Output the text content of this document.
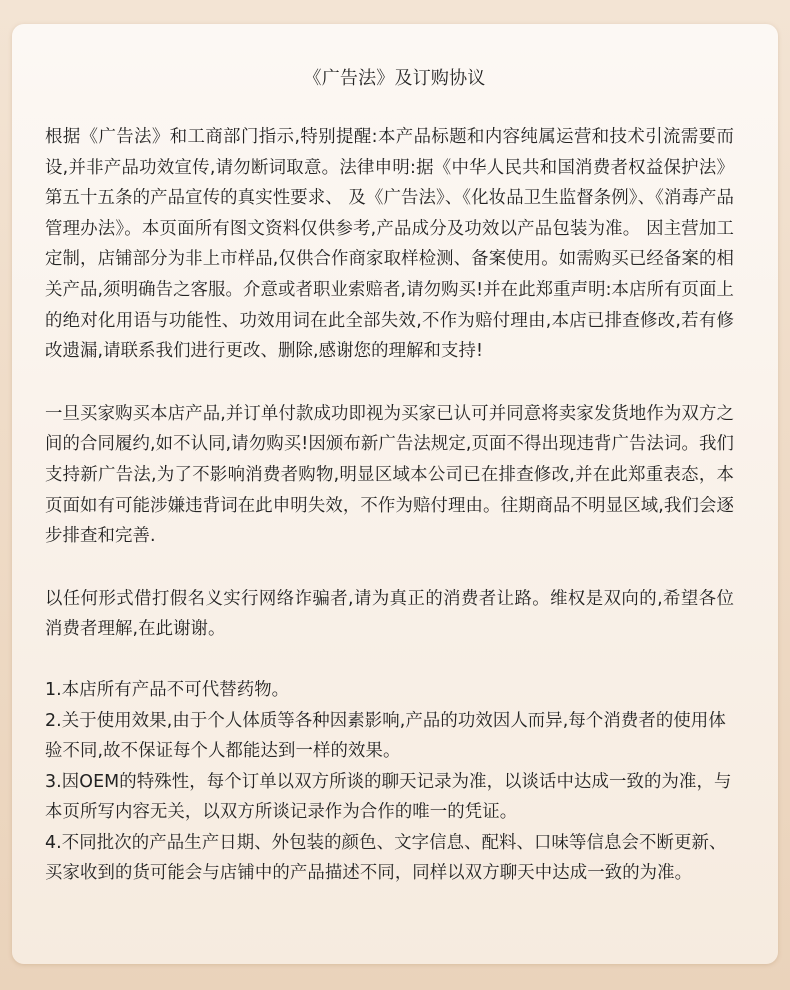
《广告法》及订购协议

根据《广告法》和工商部门指示,特别提醒:本产品标题和内容纯属运营和技术引流需要而设,并非产品功效宣传,请勿断词取意。法律申明:据《中华人民共和国消费者权益保护法》第五十五条的产品宣传的真实性要求、 及《广告法》、《化妆品卫生监督条例》、《消毒产品管理办法》。本页面所有图文资料仅供参考,产品成分及功效以产品包装为准。 因主营加工定制，店铺部分为非上市样品,仅供合作商家取样检测、备案使用。如需购买已经备案的相关产品,须明确告之客服。介意或者职业索赔者,请勿购买!并在此郑重声明:本店所有页面上的绝对化用语与功能性、功效用词在此全部失效,不作为赔付理由,本店已排查修改,若有修改遗漏,请联系我们进行更改、删除,感谢您的理解和支持!

一旦买家购买本店产品,并订单付款成功即视为买家已认可并同意将卖家发货地作为双方之间的合同履约,如不认同,请勿购买!因颁布新广告法规定,页面不得出现违背广告法词。我们支持新广告法,为了不影响消费者购物,明显区域本公司已在排查修改,并在此郑重表态，本页面如有可能涉嫌违背词在此申明失效，不作为赔付理由。往期商品不明显区域,我们会逐步排查和完善.

以任何形式借打假名义实行网络诈骗者,请为真正的消费者让路。维权是双向的,希望各位消费者理解,在此谢谢。

1.本店所有产品不可代替药物。

2.关于使用效果,由于个人体质等各种因素影响,产品的功效因人而异,每个消费者的使用体验不同,故不保证每个人都能达到一样的效果。

3.因OEM的特殊性，每个订单以双方所谈的聊天记录为准，以谈话中达成一致的为准，与本页所写内容无关，以双方所谈记录作为合作的唯一的凭证。

4.不同批次的产品生产日期、外包装的颜色、文字信息、配料、口味等信息会不断更新、买家收到的货可能会与店铺中的产品描述不同，同样以双方聊天中达成一致的为准。
